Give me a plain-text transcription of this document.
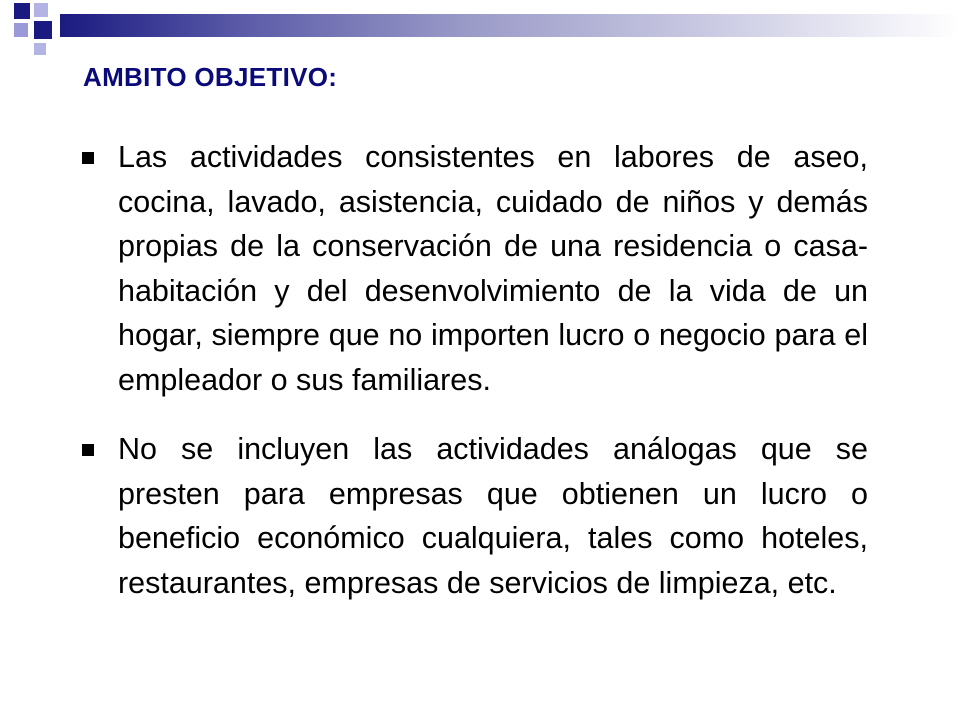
AMBITO OBJETIVO:
Las actividades consistentes en labores de aseo, cocina, lavado, asistencia, cuidado de niños y demás propias de la conservación de una residencia o casa-habitación y del desenvolvimiento de la vida de un hogar, siempre que no importen lucro o negocio para el empleador o sus familiares.
No se incluyen las actividades análogas que se presten para empresas que obtienen un lucro o beneficio económico cualquiera, tales como hoteles, restaurantes, empresas de servicios de limpieza, etc.
